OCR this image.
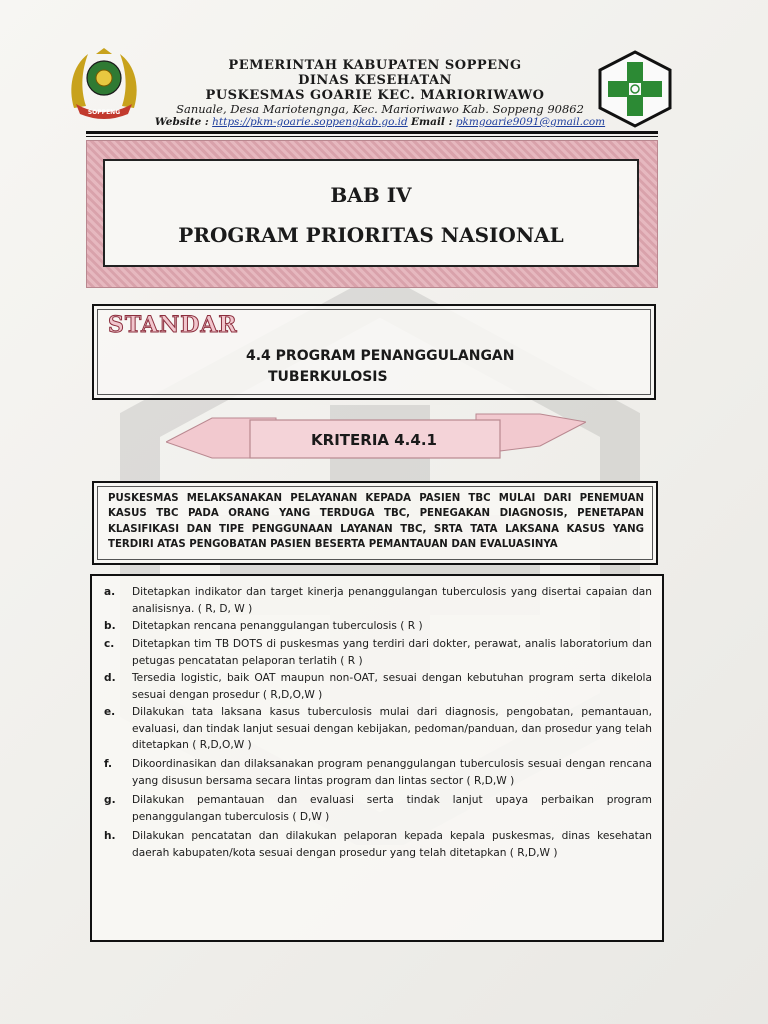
SOPPENG
PEMERINTAH KABUPATEN SOPPENG
DINAS KESEHATAN
PUSKESMAS GOARIE KEC. MARIORIWAWO
Sanuale, Desa Mariotengnga, Kec. Marioriwawo Kab. Soppeng 90862
Website : https://pkm-goarie.soppengkab.go.id Email : pkmgoarie9091@gmail.com
BAB IV
PROGRAM PRIORITAS NASIONAL
STANDAR
4.4 PROGRAM PENANGGULANGAN
TUBERKULOSIS
KRITERIA 4.4.1
PUSKESMAS MELAKSANAKAN PELAYANAN KEPADA PASIEN TBC MULAI DARI PENEMUAN KASUS TBC PADA ORANG YANG TERDUGA TBC, PENEGAKAN DIAGNOSIS, PENETAPAN KLASIFIKASI DAN TIPE PENGGUNAAN LAYANAN TBC, SRTA TATA LAKSANA KASUS YANG TERDIRI ATAS PENGOBATAN PASIEN BESERTA PEMANTAUAN DAN EVALUASINYA
a.	Ditetapkan indikator dan target kinerja penanggulangan tuberculosis yang disertai capaian dan analisisnya. ( R, D, W )
b.	Ditetapkan rencana penanggulangan tuberculosis ( R )
c.	Ditetapkan tim TB DOTS di puskesmas yang terdiri dari dokter, perawat, analis laboratorium dan petugas pencatatan pelaporan terlatih ( R )
d.	Tersedia logistic, baik OAT maupun non-OAT, sesuai dengan kebutuhan program serta dikelola sesuai dengan prosedur ( R,D,O,W )
e.	Dilakukan tata laksana kasus tuberculosis mulai dari diagnosis, pengobatan, pemantauan, evaluasi, dan tindak lanjut sesuai dengan kebijakan, pedoman/panduan, dan prosedur yang telah ditetapkan ( R,D,O,W )
f.	Dikoordinasikan dan dilaksanakan program penanggulangan tuberculosis sesuai dengan rencana yang disusun bersama secara lintas program dan lintas sector ( R,D,W )
g.	Dilakukan pemantauan dan evaluasi serta tindak lanjut upaya perbaikan program penanggulangan tuberculosis ( D,W )
h.	Dilakukan pencatatan dan dilakukan pelaporan kepada kepala puskesmas, dinas kesehatan daerah kabupaten/kota sesuai dengan prosedur yang telah ditetapkan ( R,D,W )
